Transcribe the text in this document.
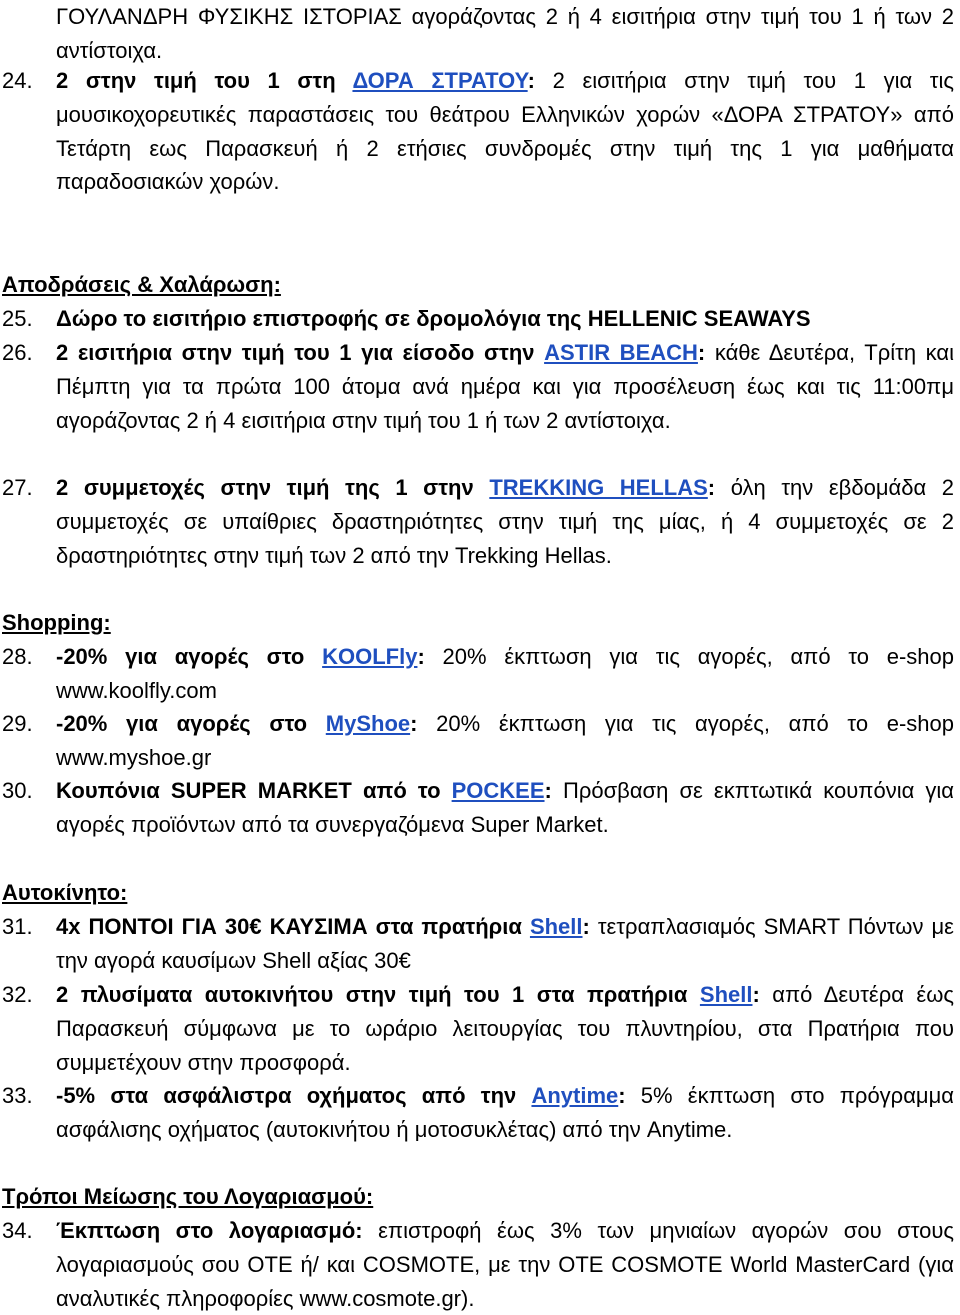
ΓΟΥΛΑΝΔΡΗ ΦΥΣΙΚΗΣ ΙΣΤΟΡΙΑΣ αγοράζοντας 2 ή 4 εισιτήρια στην τιμή του 1 ή των 2 αντίστοιχα.
24. 2 στην τιμή του 1 στη ΔΟΡΑ ΣΤΡΑΤΟΥ: 2 εισιτήρια στην τιμή του 1 για τις μουσικοχορευτικές παραστάσεις του θεάτρου Ελληνικών χορών «ΔΟΡΑ ΣΤΡΑΤΟΥ» από Τετάρτη εως Παρασκευή ή 2 ετήσιες συνδρομές στην τιμή της 1 για μαθήματα παραδοσιακών χορών.
Αποδράσεις & Χαλάρωση:
25. Δώρο το εισιτήριο επιστροφής σε δρομολόγια της HELLENIC SEAWAYS
26. 2 εισιτήρια στην τιμή του 1 για είσοδο στην ASTIR BEACH: κάθε Δευτέρα, Τρίτη και Πέμπτη για τα πρώτα 100 άτομα ανά ημέρα και για προσέλευση έως και τις 11:00πμ αγοράζοντας 2 ή 4 εισιτήρια στην τιμή του 1 ή των 2 αντίστοιχα.
27. 2 συμμετοχές στην τιμή της 1 στην TREKKING HELLAS: όλη την εβδομάδα 2 συμμετοχές σε υπαίθριες δραστηριότητες στην τιμή της μίας, ή 4 συμμετοχές σε 2 δραστηριότητες στην τιμή των 2 από την Trekking Hellas.
Shopping:
28. -20% για αγορές στο KOOLFly: 20% έκπτωση για τις αγορές, από το e-shop www.koolfly.com
29. -20% για αγορές στο MyShoe: 20% έκπτωση για τις αγορές, από το e-shop www.myshoe.gr
30. Κουπόνια SUPER MARKET από το POCKEE: Πρόσβαση σε εκπτωτικά κουπόνια για αγορές προϊόντων από τα συνεργαζόμενα Super Market.
Αυτοκίνητο:
31. 4x ΠΟΝΤΟΙ ΓΙΑ 30€ ΚΑΥΣΙΜΑ στα πρατήρια Shell: τετραπλασιαμός SMART Πόντων με την αγορά καυσίμων Shell αξίας 30€
32. 2 πλυσίματα αυτοκινήτου στην τιμή του 1 στα πρατήρια Shell: από Δευτέρα έως Παρασκευή σύμφωνα με το ωράριο λειτουργίας του πλυντηρίου, στα Πρατήρια που συμμετέχουν στην προσφορά.
33. -5% στα ασφάλιστρα οχήματος από την Anytime: 5% έκπτωση στο πρόγραμμα ασφάλισης οχήματος (αυτοκινήτου ή μοτοσυκλέτας) από την Anytime.
Τρόποι Μείωσης του Λογαριασμού:
34. Έκπτωση στο λογαριασμό: επιστροφή έως 3% των μηνιαίων αγορών σου στους λογαριασμούς σου OTE ή/ και COSMOTE, με την OTE COSMOTE World MasterCard (για αναλυτικές πληροφορίες www.cosmote.gr).
